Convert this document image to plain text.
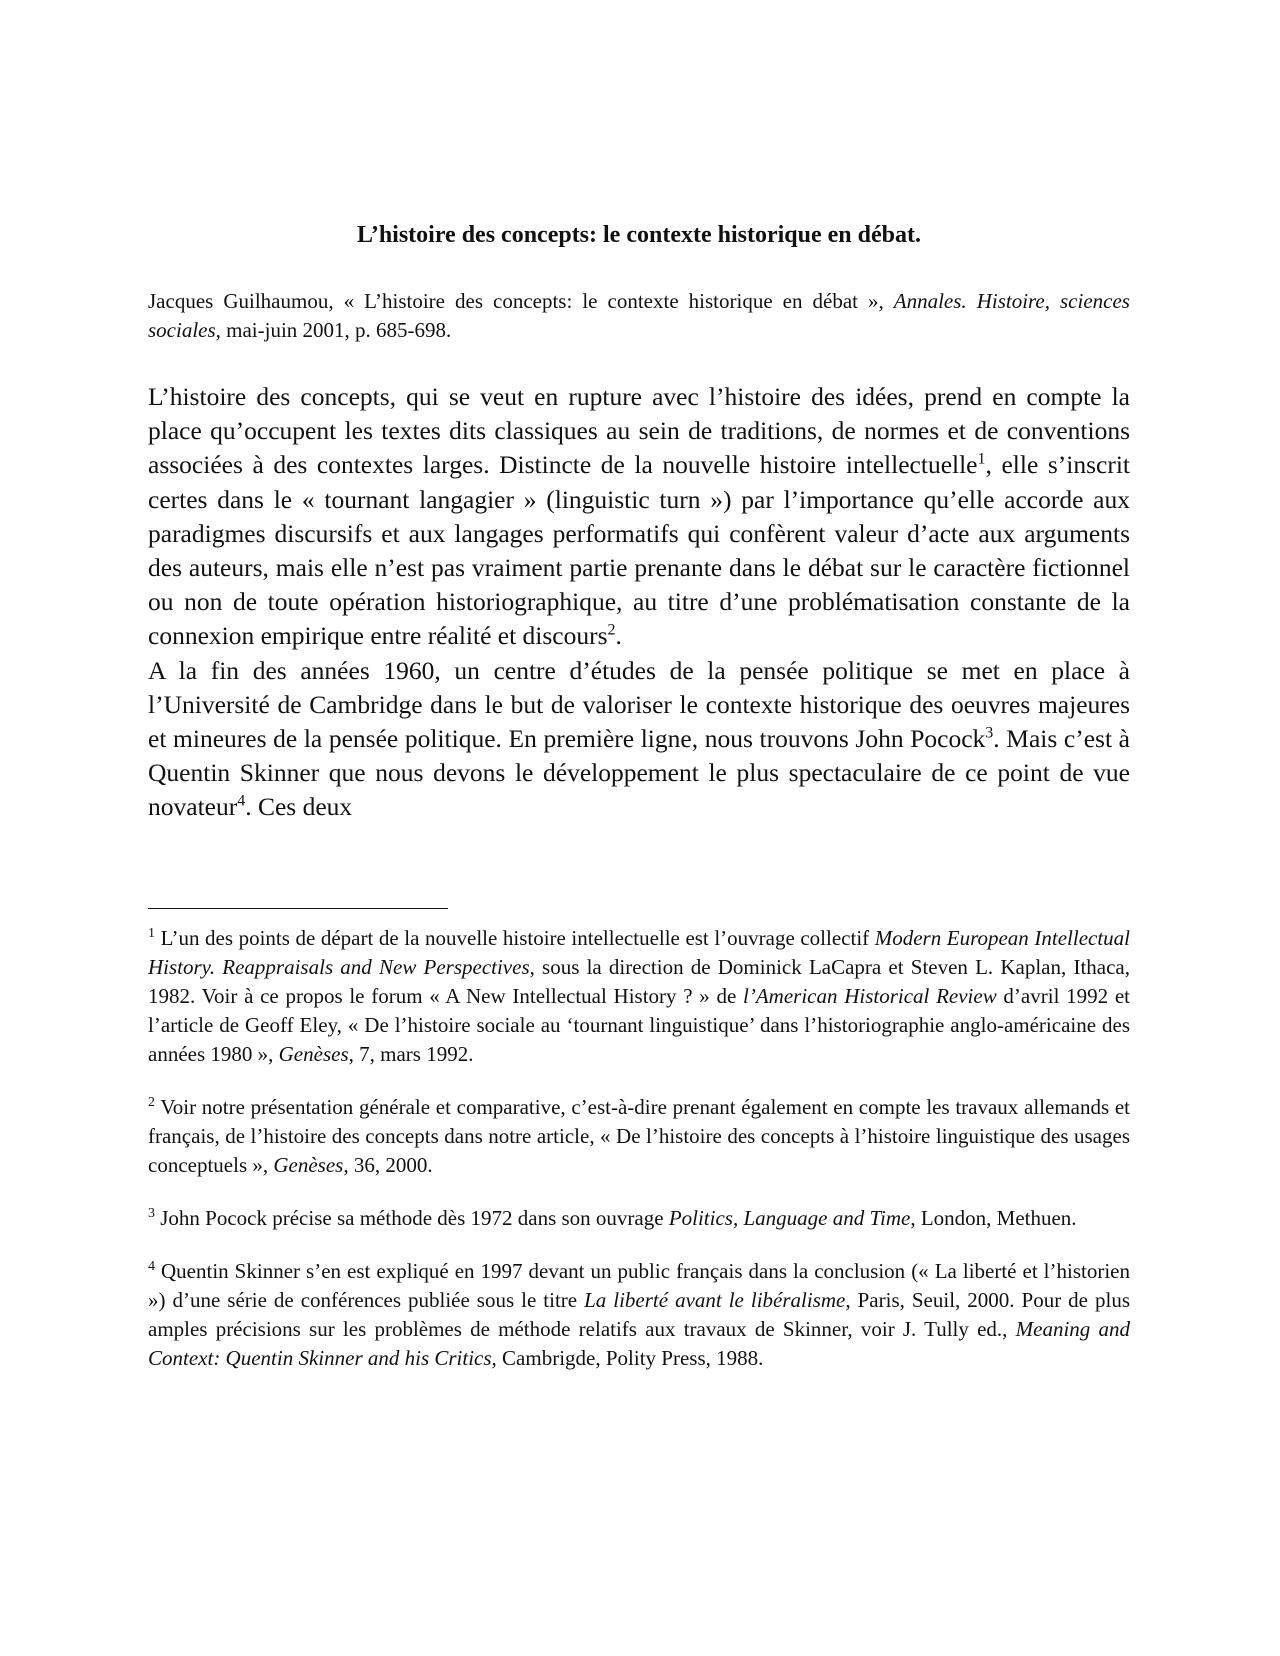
L’histoire des concepts: le contexte historique en débat.

Jacques Guilhaumou, « L’histoire des concepts: le contexte historique en débat », Annales. Histoire, sciences sociales, mai-juin 2001, p. 685-698.

L’histoire des concepts, qui se veut en rupture avec l’histoire des idées, prend en compte la place qu’occupent les textes dits classiques au sein de traditions, de normes et de conventions associées à des contextes larges. Distincte de la nouvelle histoire intellectuelle$^1$, elle s’inscrit certes dans le « tournant langagier » (linguistic turn ») par l’importance qu’elle accorde aux paradigmes discursifs et aux langages performatifs qui confèrent valeur d’acte aux arguments des auteurs, mais elle n’est pas vraiment partie prenante dans le débat sur le caractère fictionnel ou non de toute opération historiographique, au titre d’une problématisation constante de la connexion empirique entre réalité et discours$^2$.

A la fin des années 1960, un centre d’études de la pensée politique se met en place à l’Université de Cambridge dans le but de valoriser le contexte historique des oeuvres majeures et mineures de la pensée politique. En première ligne, nous trouvons John Pocock$^3$. Mais c’est à Quentin Skinner que nous devons le développement le plus spectaculaire de ce point de vue novateur$^4$. Ces deux

$^1$ L’un des points de départ de la nouvelle histoire intellectuelle est l’ouvrage collectif Modern European Intellectual History. Reappraisals and New Perspectives, sous la direction de Dominick LaCapra et Steven L. Kaplan, Ithaca, 1982. Voir à ce propos le forum « A New Intellectual History ? » de l’American Historical Review d’avril 1992 et l’article de Geoff Eley, « De l’histoire sociale au ‘tournant linguistique’ dans l’historiographie anglo-américaine des années 1980 », Genèses, 7, mars 1992.

$^2$ Voir notre présentation générale et comparative, c’est-à-dire prenant également en compte les travaux allemands et français, de l’histoire des concepts dans notre article, « De l’histoire des concepts à l’histoire linguistique des usages conceptuels », Genèses, 36, 2000.

$^3$ John Pocock précise sa méthode dès 1972 dans son ouvrage Politics, Language and Time, London, Methuen.

$^4$ Quentin Skinner s’en est expliqué en 1997 devant un public français dans la conclusion (« La liberté et l’historien ») d’une série de conférences publiée sous le titre La liberté avant le libéralisme, Paris, Seuil, 2000. Pour de plus amples précisions sur les problèmes de méthode relatifs aux travaux de Skinner, voir J. Tully ed., Meaning and Context: Quentin Skinner and his Critics, Cambrigde, Polity Press, 1988.
